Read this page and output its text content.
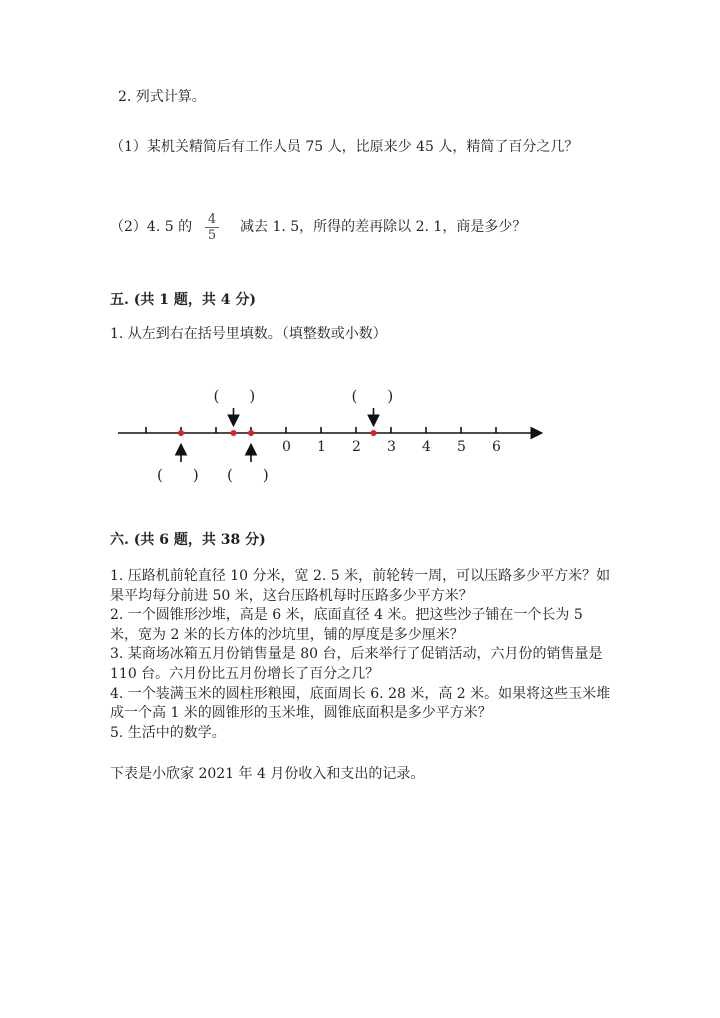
2. 列式计算。
（1）某机关精简后有工作人员 75 人，比原来少 45 人，精简了百分之几？
（2）4. 5 的 $\frac{4}{5}$ 减去 1. 5，所得的差再除以 2. 1，商是多少？
五. (共 1 题，共 4 分)
1. 从左到右在括号里填数。（填整数或小数）
0 1 2 3 4 5 6
(　　)
(　　)
(　　)
(　　)
六. (共 6 题，共 38 分)
1. 压路机前轮直径 10 分米，宽 2. 5 米，前轮转一周，可以压路多少平方米？如
果平均每分前进 50 米，这台压路机每时压路多少平方米？
2. 一个圆锥形沙堆，高是 6 米，底面直径 4 米。把这些沙子铺在一个长为 5
米，宽为 2 米的长方体的沙坑里，铺的厚度是多少厘米？
3. 某商场冰箱五月份销售量是 80 台，后来举行了促销活动，六月份的销售量是
110 台。六月份比五月份增长了百分之几？
4. 一个装满玉米的圆柱形粮囤，底面周长 6. 28 米，高 2 米。如果将这些玉米堆
成一个高 1 米的圆锥形的玉米堆，圆锥底面积是多少平方米？
5. 生活中的数学。
下表是小欣家 2021 年 4 月份收入和支出的记录。
